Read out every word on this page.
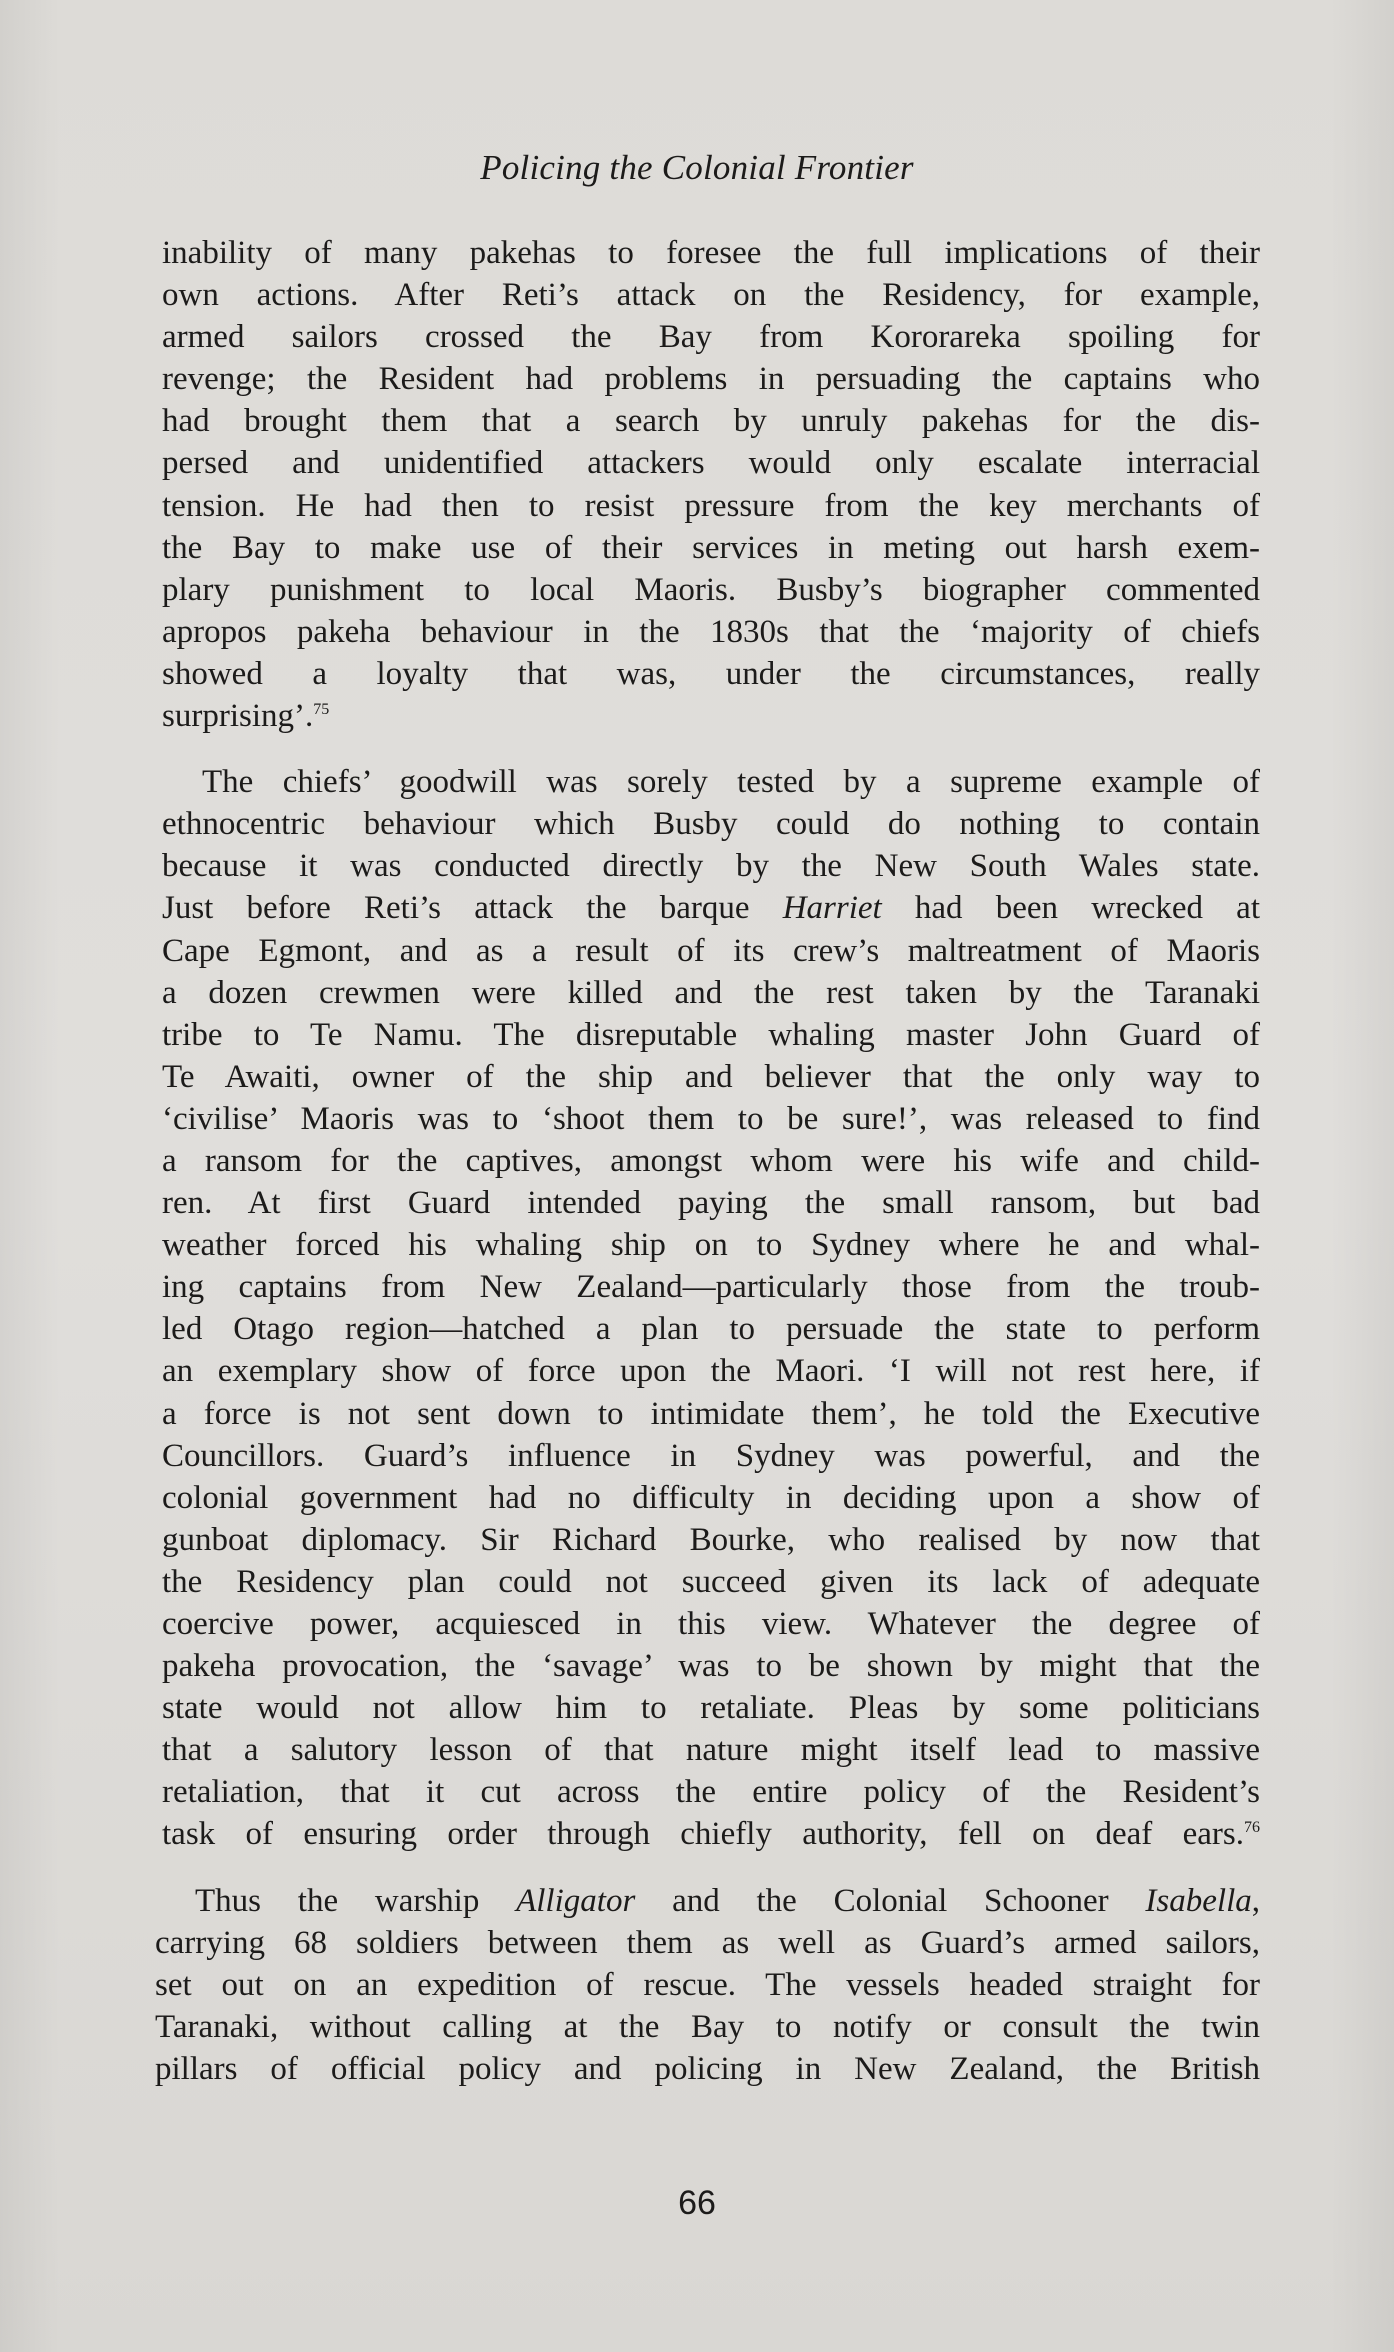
Policing the Colonial Frontier

inability of many pakehas to foresee the full implications of their
own actions. After Reti’s attack on the Residency, for example,
armed sailors crossed the Bay from Kororareka spoiling for
revenge; the Resident had problems in persuading the captains who
had brought them that a search by unruly pakehas for the dis-
persed and unidentified attackers would only escalate interracial
tension. He had then to resist pressure from the key merchants of
the Bay to make use of their services in meting out harsh exem-
plary punishment to local Maoris. Busby’s biographer commented
apropos pakeha behaviour in the 1830s that the ‘majority of chiefs
showed a loyalty that was, under the circumstances, really
surprising’.$^{75}$

The chiefs’ goodwill was sorely tested by a supreme example of
ethnocentric behaviour which Busby could do nothing to contain
because it was conducted directly by the New South Wales state.
Just before Reti’s attack the barque Harriet had been wrecked at
Cape Egmont, and as a result of its crew’s maltreatment of Maoris
a dozen crewmen were killed and the rest taken by the Taranaki
tribe to Te Namu. The disreputable whaling master John Guard of
Te Awaiti, owner of the ship and believer that the only way to
‘civilise’ Maoris was to ‘shoot them to be sure!’, was released to find
a ransom for the captives, amongst whom were his wife and child-
ren. At first Guard intended paying the small ransom, but bad
weather forced his whaling ship on to Sydney where he and whal-
ing captains from New Zealand—particularly those from the troub-
led Otago region—hatched a plan to persuade the state to perform
an exemplary show of force upon the Maori. ‘I will not rest here, if
a force is not sent down to intimidate them’, he told the Executive
Councillors. Guard’s influence in Sydney was powerful, and the
colonial government had no difficulty in deciding upon a show of
gunboat diplomacy. Sir Richard Bourke, who realised by now that
the Residency plan could not succeed given its lack of adequate
coercive power, acquiesced in this view. Whatever the degree of
pakeha provocation, the ‘savage’ was to be shown by might that the
state would not allow him to retaliate. Pleas by some politicians
that a salutory lesson of that nature might itself lead to massive
retaliation, that it cut across the entire policy of the Resident’s
task of ensuring order through chiefly authority, fell on deaf ears.$^{76}$

Thus the warship Alligator and the Colonial Schooner Isabella,
carrying 68 soldiers between them as well as Guard’s armed sailors,
set out on an expedition of rescue. The vessels headed straight for
Taranaki, without calling at the Bay to notify or consult the twin
pillars of official policy and policing in New Zealand, the British

66
